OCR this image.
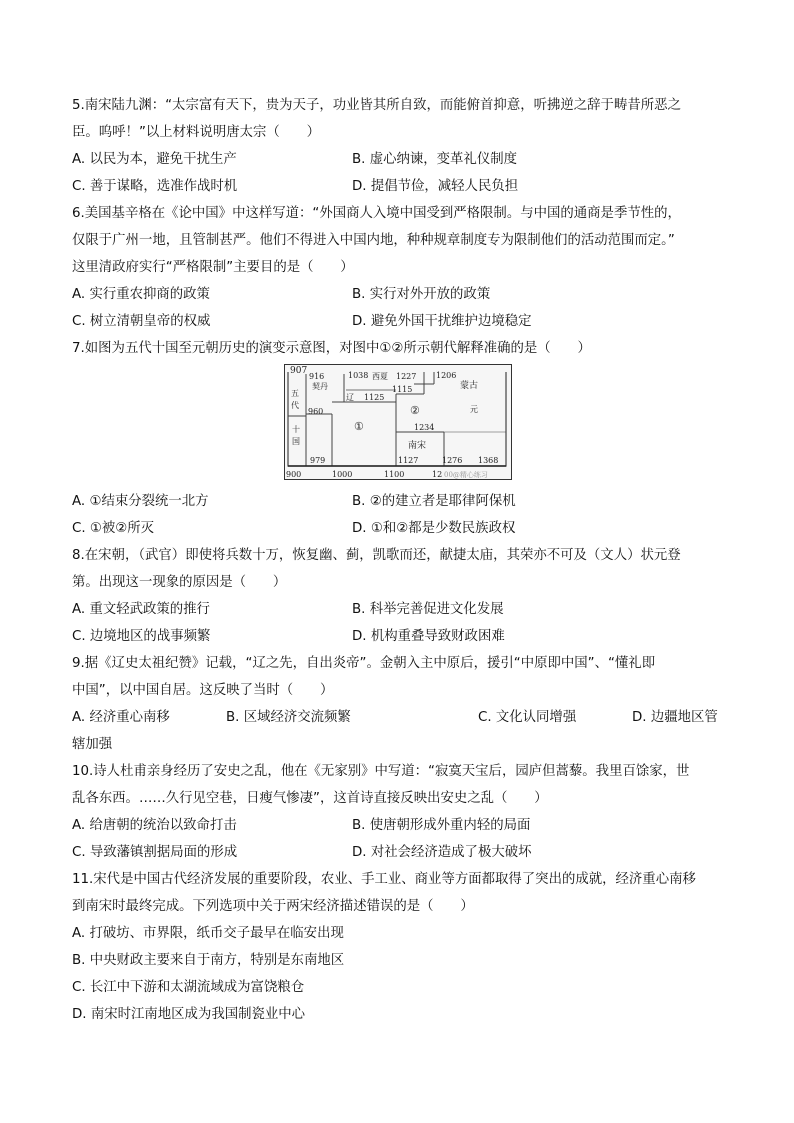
5.南宋陆九渊：“太宗富有天下，贵为天子，功业皆其所自致，而能俯首抑意，听拂逆之辞于畴昔所恶之
臣。呜呼！”以上材料说明唐太宗（　　）
A. 以民为本，避免干扰生产	B. 虚心纳谏，变革礼仪制度
C. 善于谋略，选准作战时机	D. 提倡节俭，减轻人民负担
6.美国基辛格在《论中国》中这样写道：“外国商人入境中国受到严格限制。与中国的通商是季节性的，
仅限于广州一地，且管制甚严。他们不得进入中国内地，种种规章制度专为限制他们的活动范围而定。”
这里清政府实行“严格限制”主要目的是（　　）
A. 实行重农抑商的政策	B. 实行对外开放的政策
C. 树立清朝皇帝的权威	D. 避免外国干扰维护边境稳定
7.如图为五代十国至元朝历史的演变示意图，对图中①②所示朝代解释准确的是（　　）
907
916
契丹
1038 西夏 1227 1206
蒙古
五
代
辽 1125
1115
元
960
①
②
1234
十
国	南宋
979	1127	1276 1368
900	1000	1100	12 00@精心练习
A. ①结束分裂统一北方	B. ②的建立者是耶律阿保机
C. ①被②所灭	D. ①和②都是少数民族政权
8.在宋朝，（武官）即使将兵数十万，恢复幽、蓟，凯歌而还，献捷太庙，其荣亦不可及（文人）状元登
第。出现这一现象的原因是（　　）
A. 重文轻武政策的推行	B. 科举完善促进文化发展
C. 边境地区的战事频繁	D. 机构重叠导致财政困难
9.据《辽史太祖纪赞》记载，“辽之先，自出炎帝”。金朝入主中原后，援引“中原即中国”、“懂礼即
中国”，以中国自居。这反映了当时（　　）
A. 经济重心南移	B. 区域经济交流频繁	C. 文化认同增强	D. 边疆地区管
辖加强
10.诗人杜甫亲身经历了安史之乱，他在《无家别》中写道：“寂寞天宝后，园庐但蒿藜。我里百馀家，世
乱各东西。……久行见空巷，日瘦气惨凄”，这首诗直接反映出安史之乱（　　）
A. 给唐朝的统治以致命打击	B. 使唐朝形成外重内轻的局面
C. 导致藩镇割据局面的形成	D. 对社会经济造成了极大破坏
11.宋代是中国古代经济发展的重要阶段，农业、手工业、商业等方面都取得了突出的成就，经济重心南移
到南宋时最终完成。下列选项中关于两宋经济描述错误的是（　　）
A. 打破坊、市界限，纸币交子最早在临安出现
B. 中央财政主要来自于南方，特别是东南地区
C. 长江中下游和太湖流域成为富饶粮仓
D. 南宋时江南地区成为我国制瓷业中心
